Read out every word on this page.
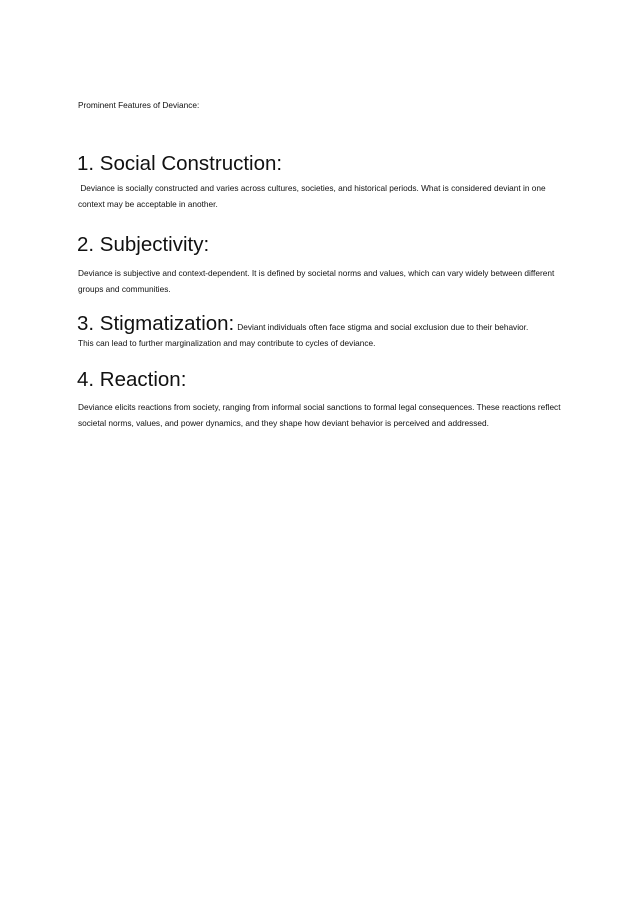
Prominent Features of Deviance:

1. Social Construction:

Deviance is socially constructed and varies across cultures, societies, and historical periods. What is considered deviant in one context may be acceptable in another.

2. Subjectivity:

Deviance is subjective and context-dependent. It is defined by societal norms and values, which can vary widely between different groups and communities.

3. Stigmatization: Deviant individuals often face stigma and social exclusion due to their behavior.

This can lead to further marginalization and may contribute to cycles of deviance.

4. Reaction:

Deviance elicits reactions from society, ranging from informal social sanctions to formal legal consequences. These reactions reflect societal norms, values, and power dynamics, and they shape how deviant behavior is perceived and addressed.
